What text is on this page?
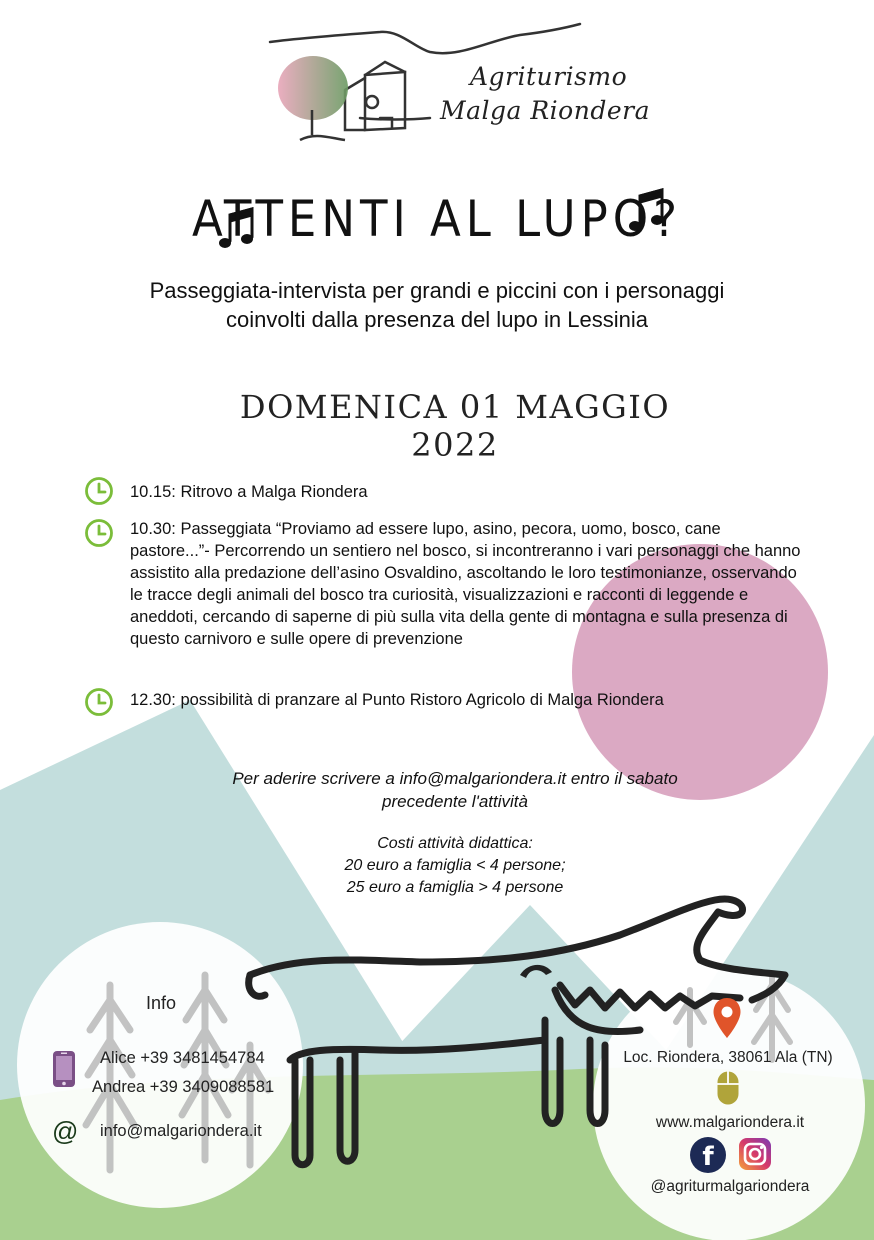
Agriturismo
Malga Riondera
ATTENTI AL LUPO?
Passeggiata-intervista per grandi e piccini con i personaggi
coinvolti dalla presenza del lupo in Lessinia
DOMENICA 01 MAGGIO 2022
10.15: Ritrovo a Malga Riondera
10.30: Passeggiata “Proviamo ad essere lupo, asino, pecora, uomo, bosco, cane pastore...”- Percorrendo un sentiero nel bosco, si incontreranno i vari personaggi che hanno assistito alla predazione dell’asino Osvaldino, ascoltando le loro testimonianze, osservando le tracce degli animali del bosco tra curiosità, visualizzazioni e racconti di leggende e aneddoti, cercando di saperne di più sulla vita della gente di montagna e sulla presenza di questo carnivoro e sulle opere di prevenzione
12.30: possibilità di pranzare al Punto Ristoro Agricolo di Malga Riondera
Per aderire scrivere a info@malgariondera.it entro il sabato
precedente l'attività
Costi attività didattica:
20 euro a famiglia < 4 persone;
25 euro a famiglia > 4 persone
Info
Alice +39 3481454784
Andrea +39 3409088581
@ info@malgariondera.it
Loc. Riondera, 38061 Ala (TN)
www.malgariondera.it
f
@agriturmalgariondera
